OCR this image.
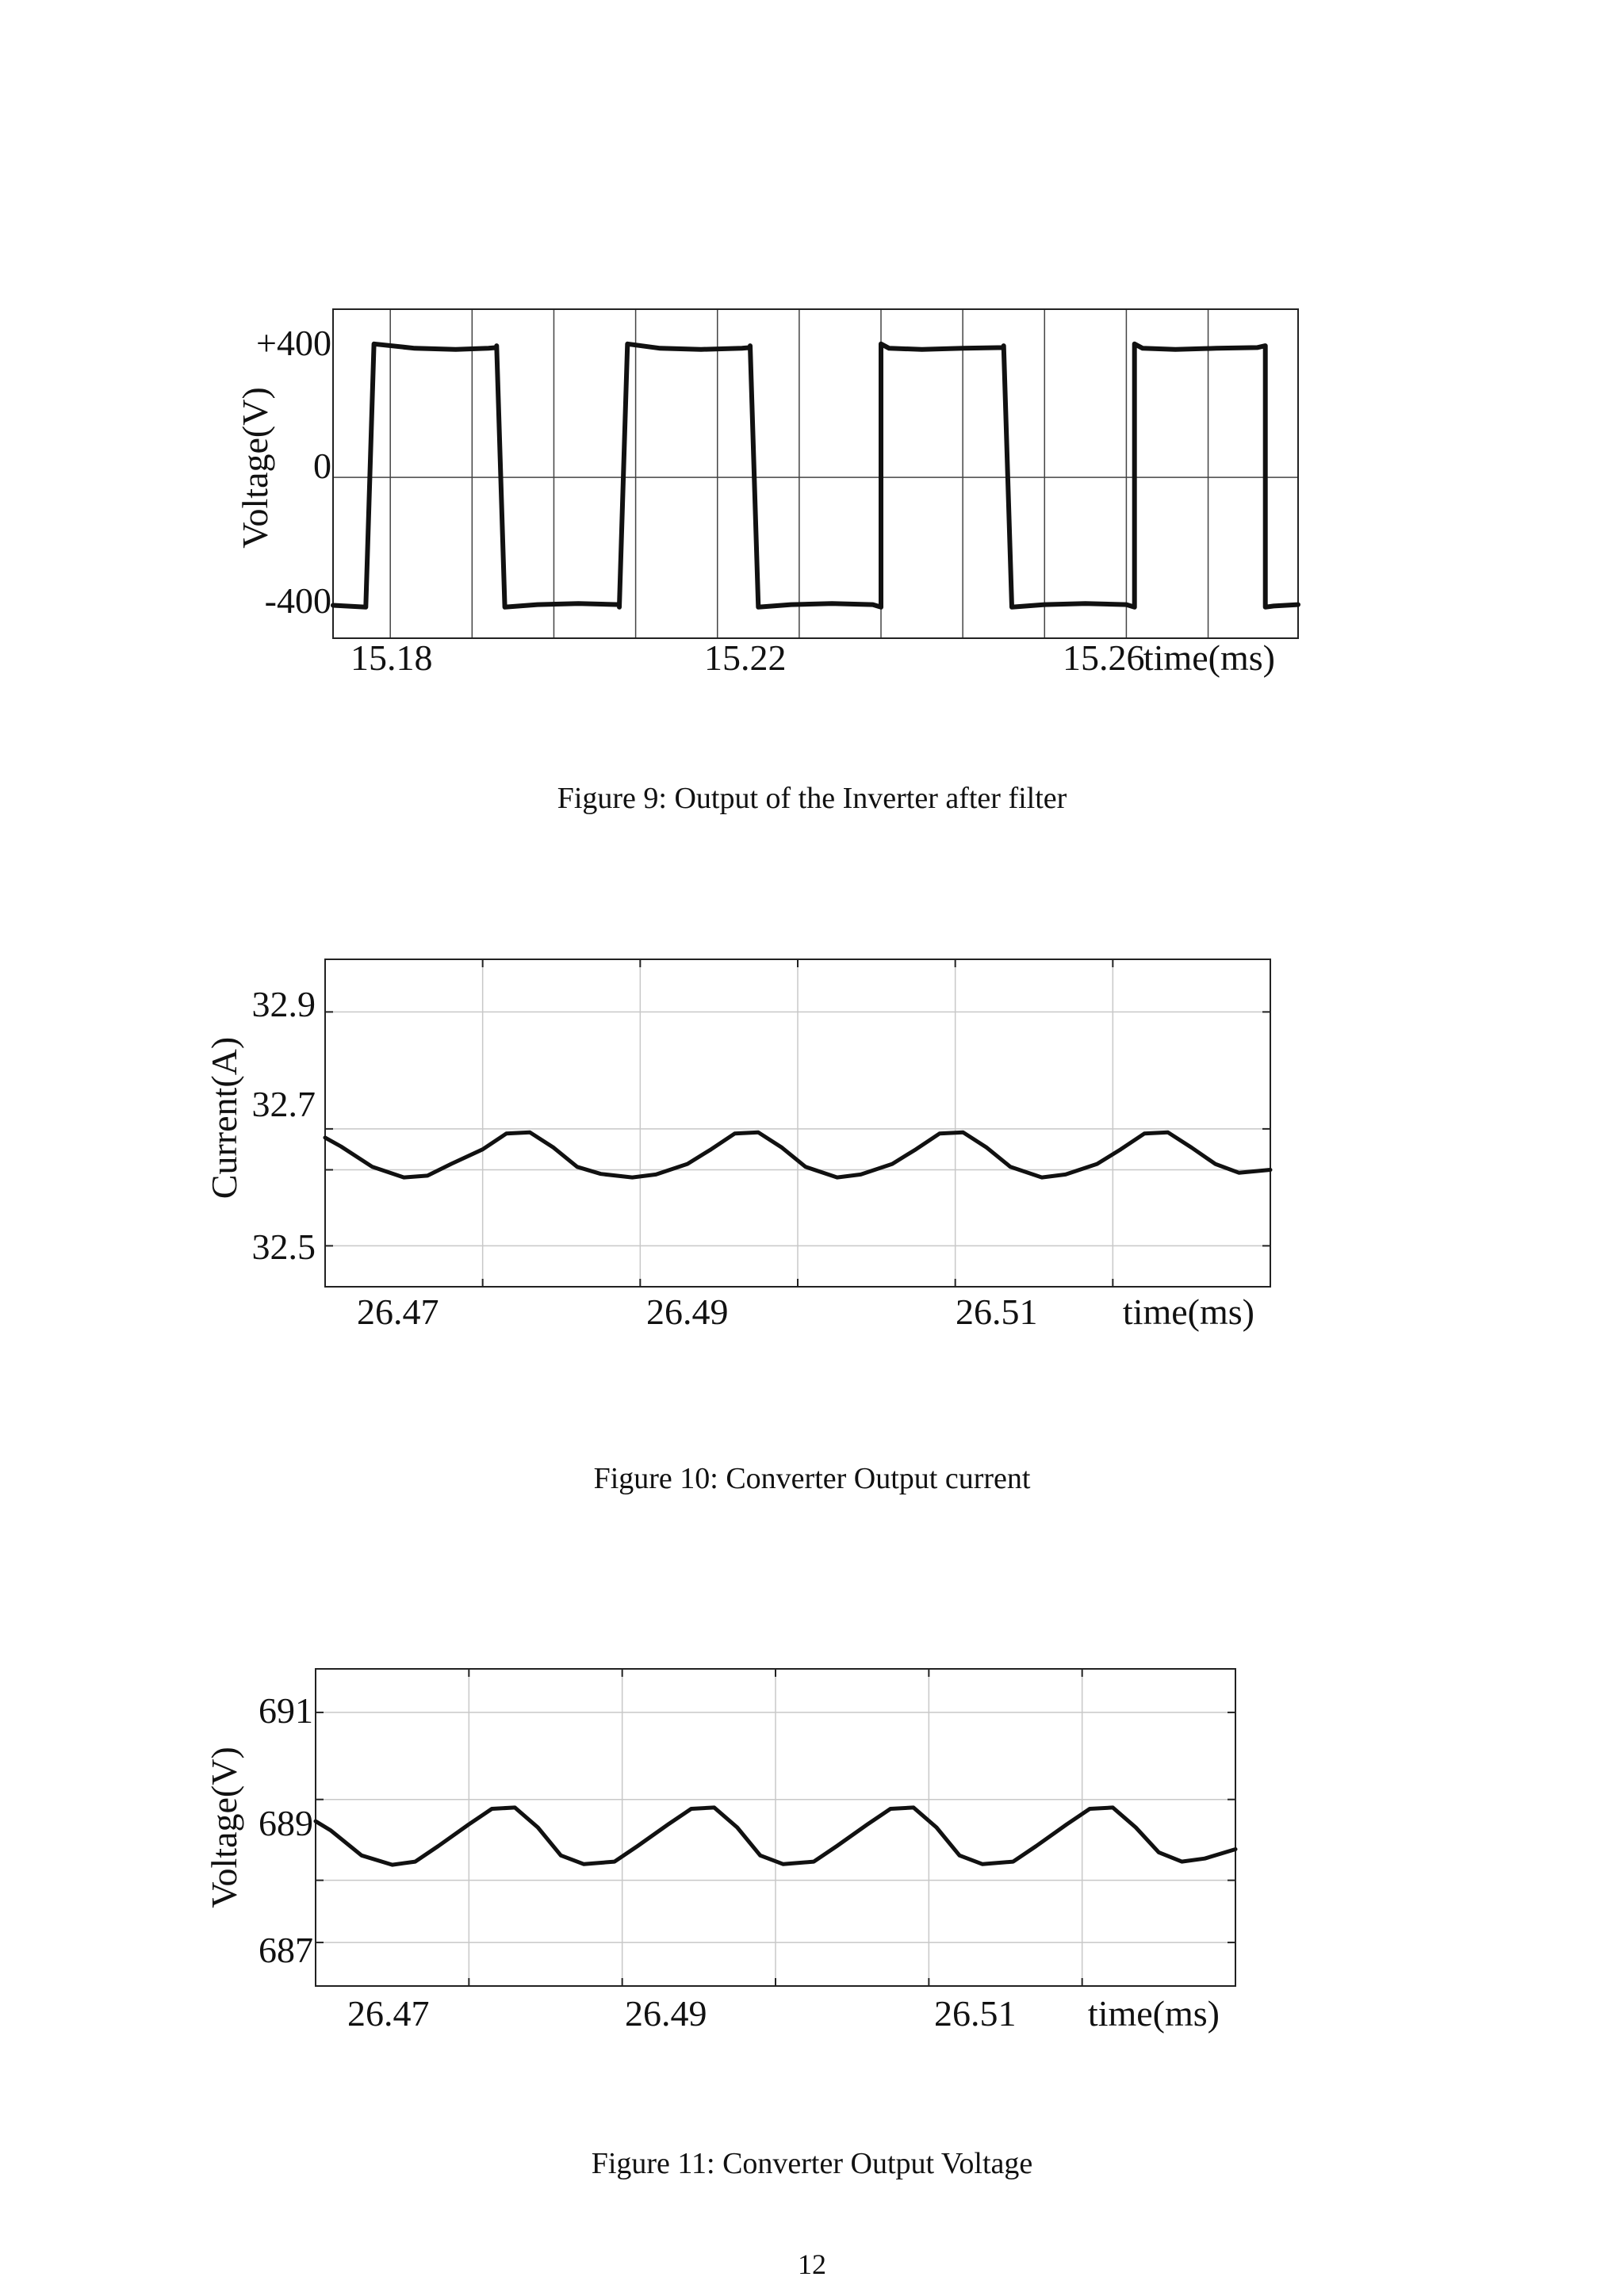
15.18	15.22	15.26
time(ms)
+400
0
-400
Voltage(V)
Figure 9: Output of the Inverter after filter
26.47	26.49	26.51 time(ms)
32.9
32.7
32.5
Current(A)
Figure 10: Converter Output current
26.47	26.49	26.51 time(ms)
691
689
687
Voltage(V)
Figure 11: Converter Output Voltage
12
